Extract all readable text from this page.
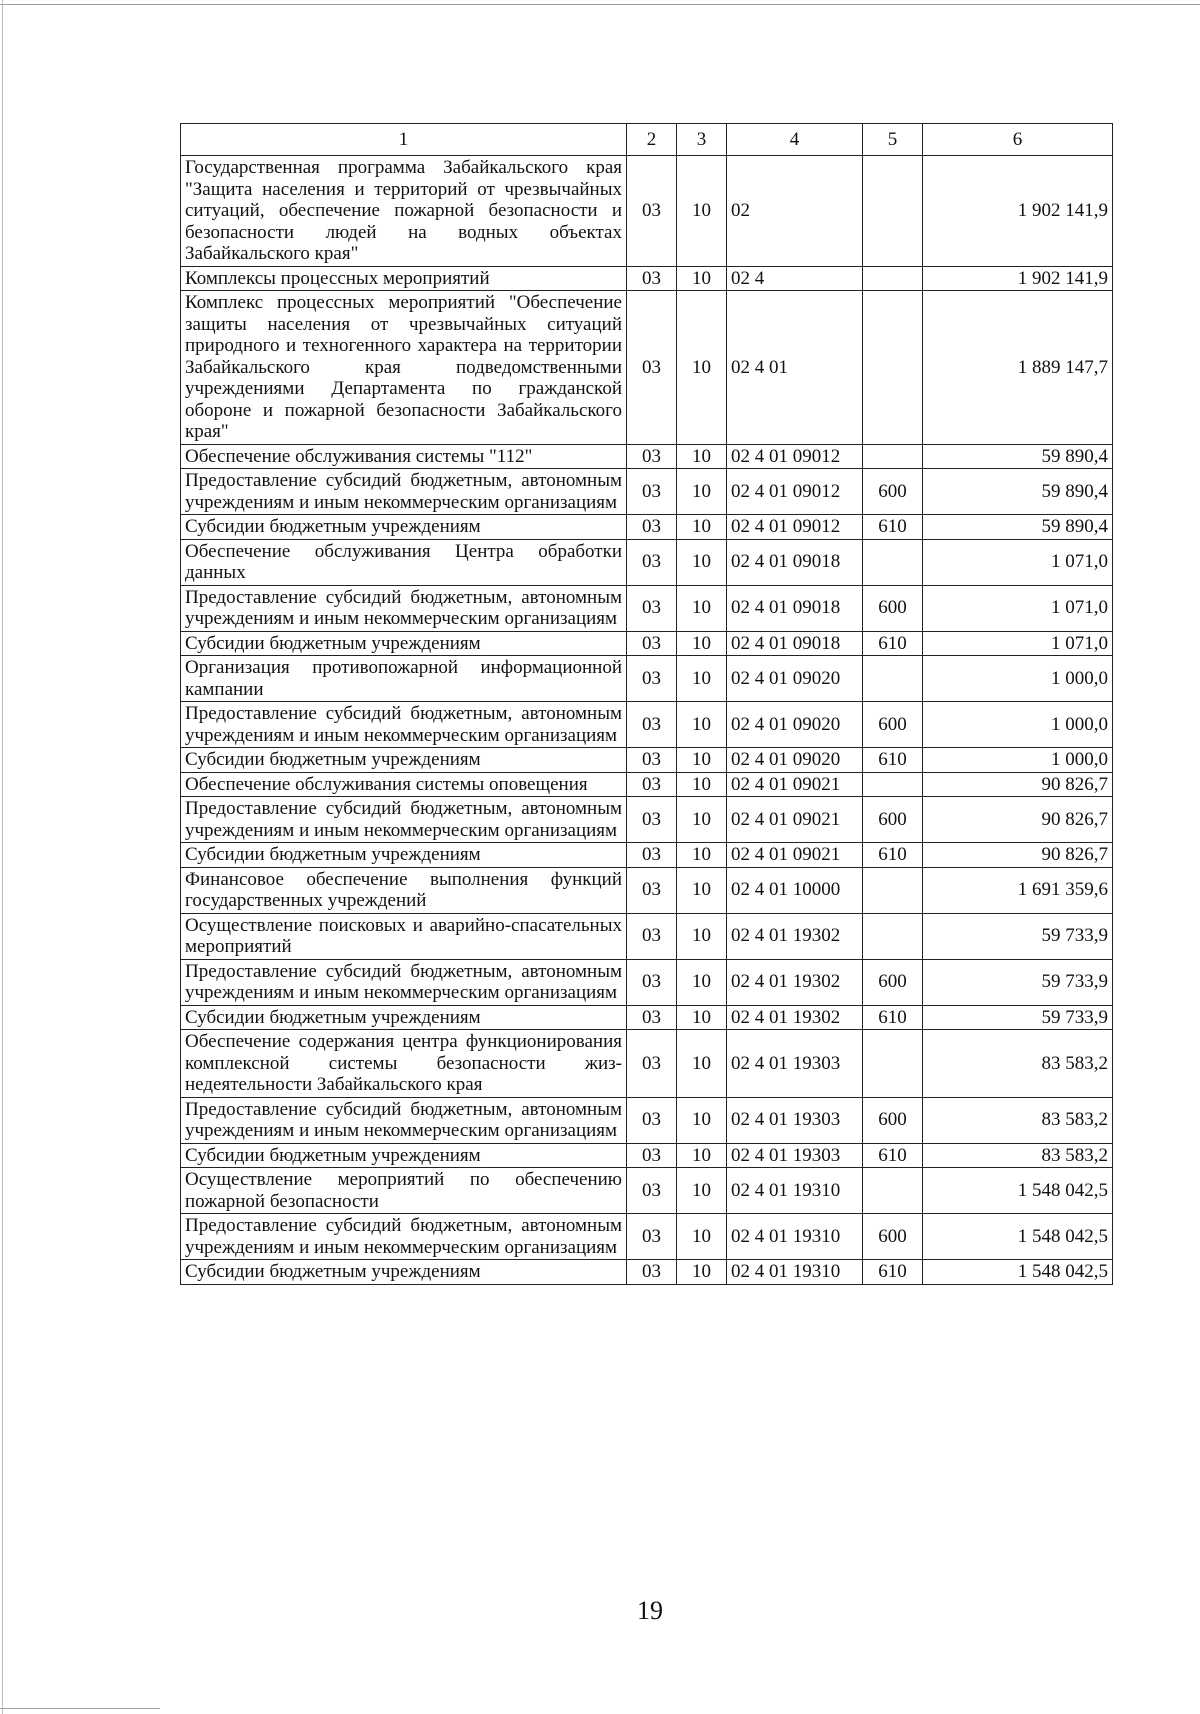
1	2	3	4	5	6
Государственная программа Забайкальского края "Защита населения и территорий от чрезвычайных ситуаций, обеспечение пожарной безопасности и безопасности людей на водных объектах Забайкальского края"	03	10	02		1 902 141,9
Комплексы процессных мероприятий	03	10	02 4		1 902 141,9
Комплекс процессных мероприятий "Обеспечение защиты населения от чрезвычайных ситуаций природного и техногенного характера на территории Забайкальского края подведомственными учреждениями Департамента по гражданской обороне и пожарной безопасности Забайкальского края"	03	10	02 4 01		1 889 147,7
Обеспечение обслуживания системы "112"	03	10	02 4 01 09012		59 890,4
Предоставление субсидий бюджетным, автономным учреждениям и иным некоммерческим организациям	03	10	02 4 01 09012	600	59 890,4
Субсидии бюджетным учреждениям	03	10	02 4 01 09012	610	59 890,4
Обеспечение обслуживания Центра обработки данных	03	10	02 4 01 09018		1 071,0
Предоставление субсидий бюджетным, автономным учреждениям и иным некоммерческим организациям	03	10	02 4 01 09018	600	1 071,0
Субсидии бюджетным учреждениям	03	10	02 4 01 09018	610	1 071,0
Организация противопожарной информационной кампании	03	10	02 4 01 09020		1 000,0
Предоставление субсидий бюджетным, автономным учреждениям и иным некоммерческим организациям	03	10	02 4 01 09020	600	1 000,0
Субсидии бюджетным учреждениям	03	10	02 4 01 09020	610	1 000,0
Обеспечение обслуживания системы оповещения	03	10	02 4 01 09021		90 826,7
Предоставление субсидий бюджетным, автономным учреждениям и иным некоммерческим организациям	03	10	02 4 01 09021	600	90 826,7
Субсидии бюджетным учреждениям	03	10	02 4 01 09021	610	90 826,7
Финансовое обеспечение выполнения функций государственных учреждений	03	10	02 4 01 10000		1 691 359,6
Осуществление поисковых и аварийно-спасательных мероприятий	03	10	02 4 01 19302		59 733,9
Предоставление субсидий бюджетным, автономным учреждениям и иным некоммерческим организациям	03	10	02 4 01 19302	600	59 733,9
Субсидии бюджетным учреждениям	03	10	02 4 01 19302	610	59 733,9
Обеспечение содержания центра функционирования комплексной системы безопасности жизнедеятельности Забайкальского края	03	10	02 4 01 19303		83 583,2
Предоставление субсидий бюджетным, автономным учреждениям и иным некоммерческим организациям	03	10	02 4 01 19303	600	83 583,2
Субсидии бюджетным учреждениям	03	10	02 4 01 19303	610	83 583,2
Осуществление мероприятий по обеспечению пожарной безопасности	03	10	02 4 01 19310		1 548 042,5
Предоставление субсидий бюджетным, автономным учреждениям и иным некоммерческим организациям	03	10	02 4 01 19310	600	1 548 042,5
Субсидии бюджетным учреждениям	03	10	02 4 01 19310	610	1 548 042,5
19
